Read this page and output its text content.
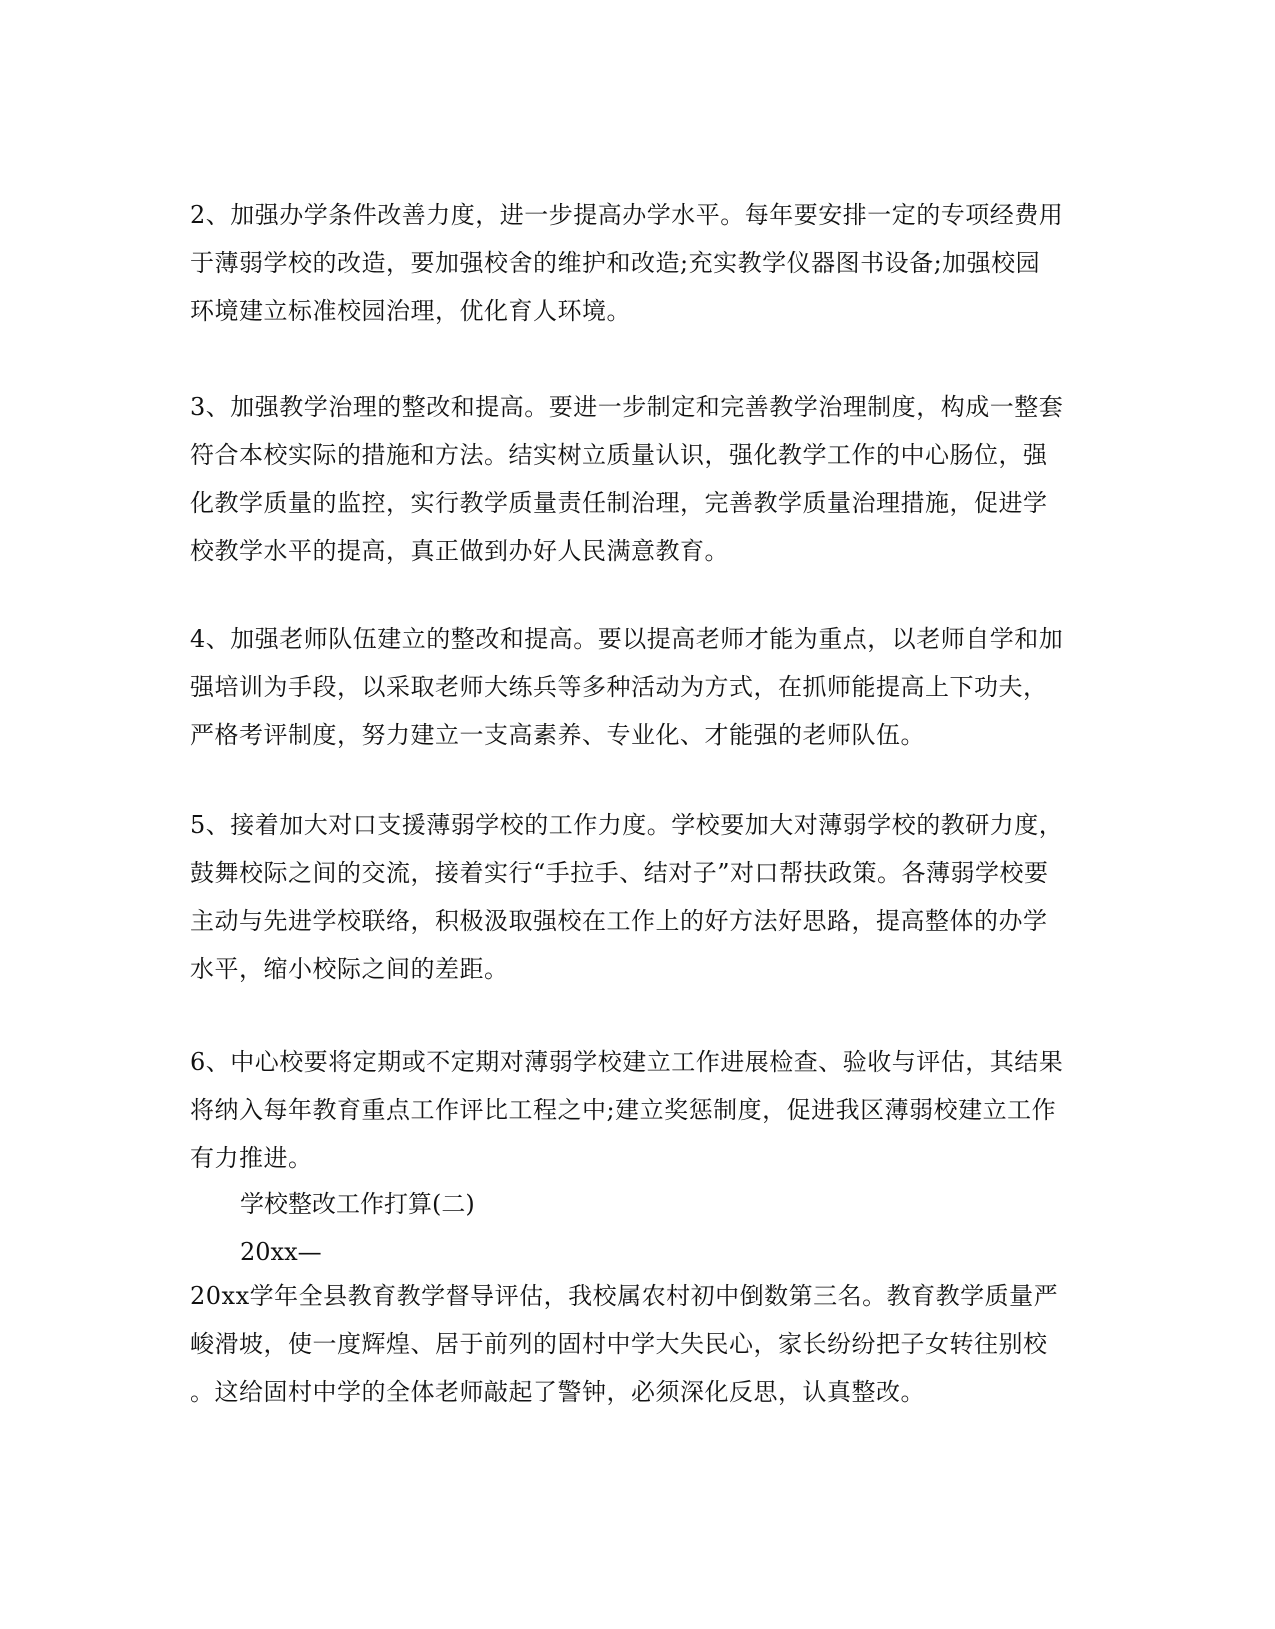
2、加强办学条件改善力度，进一步提高办学水平。每年要安排一定的专项经费用
于薄弱学校的改造，要加强校舍的维护和改造;充实教学仪器图书设备;加强校园
环境建立标准校园治理，优化育人环境。

3、加强教学治理的整改和提高。要进一步制定和完善教学治理制度，构成一整套
符合本校实际的措施和方法。结实树立质量认识，强化教学工作的中心肠位，强
化教学质量的监控，实行教学质量责任制治理，完善教学质量治理措施，促进学
校教学水平的提高，真正做到办好人民满意教育。

4、加强老师队伍建立的整改和提高。要以提高老师才能为重点，以老师自学和加
强培训为手段，以采取老师大练兵等多种活动为方式，在抓师能提高上下功夫，
严格考评制度，努力建立一支高素养、专业化、才能强的老师队伍。

5、接着加大对口支援薄弱学校的工作力度。学校要加大对薄弱学校的教研力度，
鼓舞校际之间的交流，接着实行“手拉手、结对子”对口帮扶政策。各薄弱学校要
主动与先进学校联络，积极汲取强校在工作上的好方法好思路，提高整体的办学
水平，缩小校际之间的差距。

6、中心校要将定期或不定期对薄弱学校建立工作进展检查、验收与评估，其结果
将纳入每年教育重点工作评比工程之中;建立奖惩制度，促进我区薄弱校建立工作
有力推进。

学校整改工作打算(二)

20xx—

20xx学年全县教育教学督导评估，我校属农村初中倒数第三名。教育教学质量严
峻滑坡，使一度辉煌、居于前列的固村中学大失民心，家长纷纷把子女转往别校
。这给固村中学的全体老师敲起了警钟，必须深化反思，认真整改。
